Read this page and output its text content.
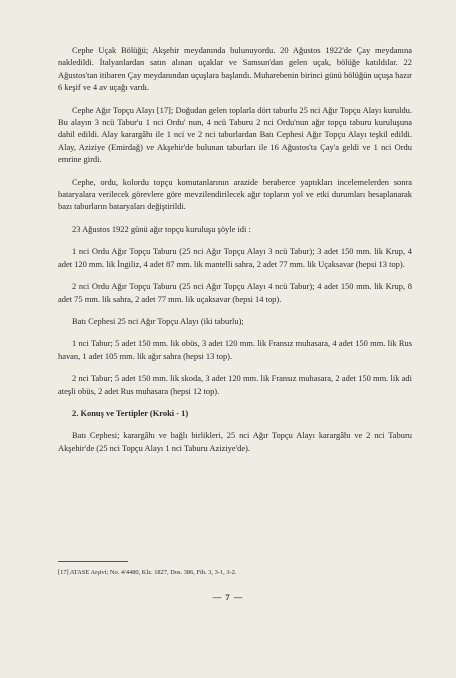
Cephe Uçak Bölüğü; Akşehir meydanında bulunuyordu. 20 Ağustos 1922'de Çay meydanına nakledildi. İtalyanlardan satın alınan uçaklar ve Samsun'dan gelen uçak, bölüğe katıldılar. 22 Ağustos'tan itibaren Çay meydanından uçuşlara başlandı. Muharebenin birinci günü bölüğün uçuşa hazır 6 keşif ve 4 av uçağı vardı.

Cephe Ağır Topçu Alayı [17]; Doğudan gelen toplarla dört taburlu 25 nci Ağır Topçu Alayı kuruldu. Bu alayın 3 ncü Tabur'u 1 nci Ordu' nun, 4 ncü Taburu 2 nci Ordu'nun ağır topçu taburu kuruluşuna dahil edildi. Alay karargâhı ile 1 nci ve 2 nci taburlardan Batı Cephesi Ağır Topçu Alayı teşkil edildi. Alay, Aziziye (Emirdağ) ve Akşehir'de bulunan taburları ile 16 Ağustos'ta Çay'a geldi ve 1 nci Ordu emrine girdi.

Cephe, ordu, kolordu topçu komutanlarının arazide beraberce yaptıkları incelemelerden sonra bataryalara verilecek görevlere göre mevzilendirilecek ağır topların yol ve etki durumları hesaplanarak bazı taburların bataryaları değiştirildi.

23 Ağustos 1922 günü ağır topçu kuruluşu şöyle idi :

1 nci Ordu Ağır Topçu Taburu (25 nci Ağır Topçu Alayı 3 ncü Tabur); 3 adet 150 mm. lik Krup, 4 adet 120 mm. lik İngiliz, 4 adet 87 mm. lik mantelli sahra, 2 adet 77 mm. lik Uçaksavar (hepsi 13 top).

2 nci Ordu Ağır Topçu Taburu (25 nci Ağır Topçu Alayı 4 ncü Tabur); 4 adet 150 mm. lik Krup, 8 adet 75 mm. lik sahra, 2 adet 77 mm. lik uçaksavar (hepsi 14 top).

Batı Cephesi 25 nci Ağır Topçu Alayı (iki taburlu);

1 nci Tabur; 5 adet 150 mm. lik obüs, 3 adet 120 mm. lik Fransız muhasara, 4 adet 150 mm. lik Rus havan, 1 adet 105 mm. lik ağır sahra (hepsi 13 top).

2 nci Tabur; 5 adet 150 mm. lik skoda, 3 adet 120 mm. lik Fransız muhasara, 2 adet 150 mm. lik adi ateşli obüs, 2 adet Rus muhasara (hepsi 12 top).

2. Konuş ve Tertipler (Kroki - 1)

Batı Cephesi; karargâhı ve bağlı birlikleri, 25 nci Ağır Topçu Alayı karargâhı ve 2 nci Taburu Akşehir'de (25 nci Topçu Alayı 1 nci Taburu Aziziye'de).

[17] ATASE Arşivi; No. 4/4480, Klz. 1827, Dos. 386, Fih. 3, 3-1, 3-2.

— 7 —
